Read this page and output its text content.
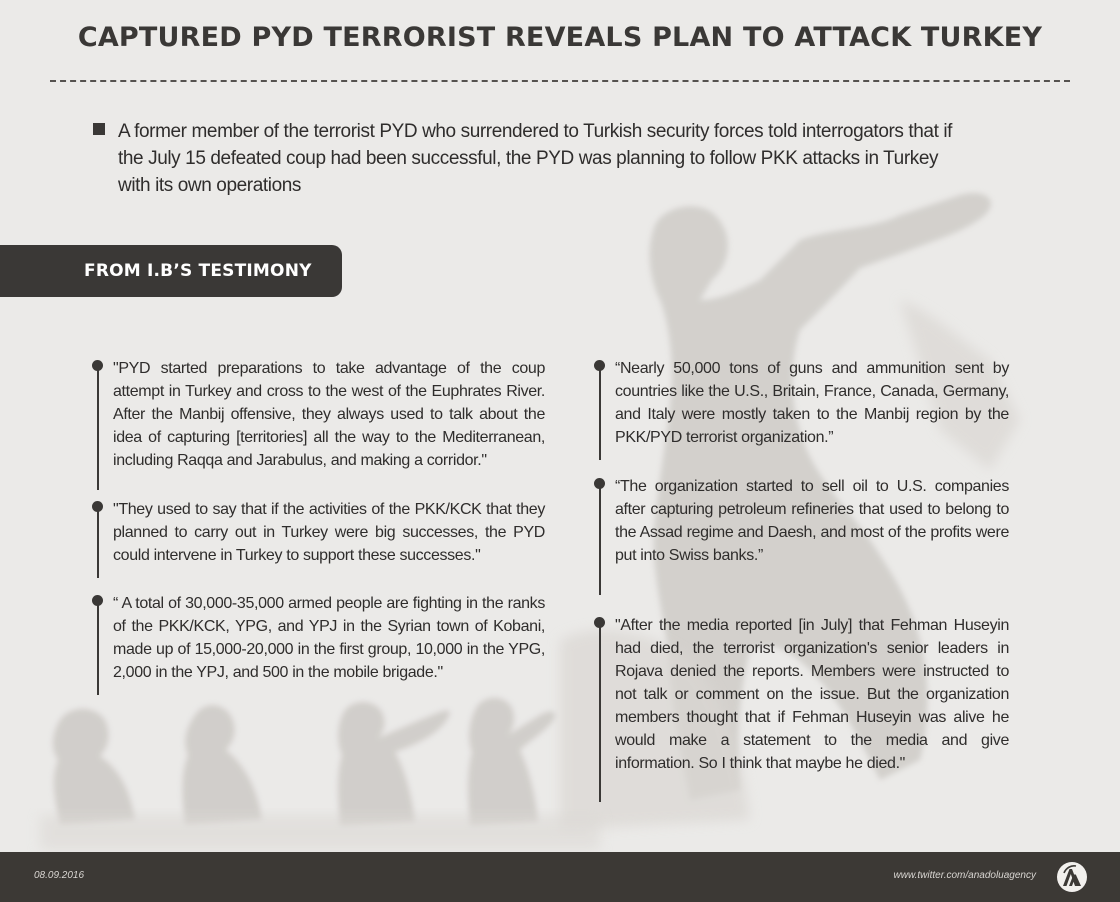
CAPTURED PYD TERRORIST REVEALS PLAN TO ATTACK TURKEY

A former member of the terrorist PYD who surrendered to Turkish security forces told interrogators that if the July 15 defeated coup had been successful, the PYD was planning to follow PKK attacks in Turkey with its own operations

FROM I.B’S TESTIMONY

"PYD started preparations to take advantage of the coup attempt in Turkey and cross to the west of the Euphrates River. After the Manbij offensive, they always used to talk about the idea of capturing [territories] all the way to the Mediterranean, including Raqqa and Jarabulus, and making a corridor."

"They used to say that if the activities of the PKK/KCK that they planned to carry out in Turkey were big successes, the PYD could intervene in Turkey to support these successes."

“ A total of 30,000-35,000 armed people are fighting in the ranks of the PKK/KCK, YPG, and YPJ in the Syrian town of Kobani, made up of 15,000-20,000 in the first group, 10,000 in the YPG, 2,000 in the YPJ, and 500 in the mobile brigade."

“Nearly 50,000 tons of guns and ammunition sent by countries like the U.S., Britain, France, Canada, Germany, and Italy were mostly taken to the Manbij region by the PKK/PYD terrorist organization.”

“The organization started to sell oil to U.S. companies after capturing petroleum refineries that used to belong to the Assad regime and Daesh, and most of the profits were put into Swiss banks.”

"After the media reported [in July] that Fehman Huseyin had died, the terrorist organization's senior leaders in Rojava denied the reports. Members were instructed to not talk or comment on the issue. But the organization members thought that if Fehman Huseyin was alive he would make a statement to the media and give information. So I think that maybe he died."

08.09.2016	www.twitter.com/anadoluagency
